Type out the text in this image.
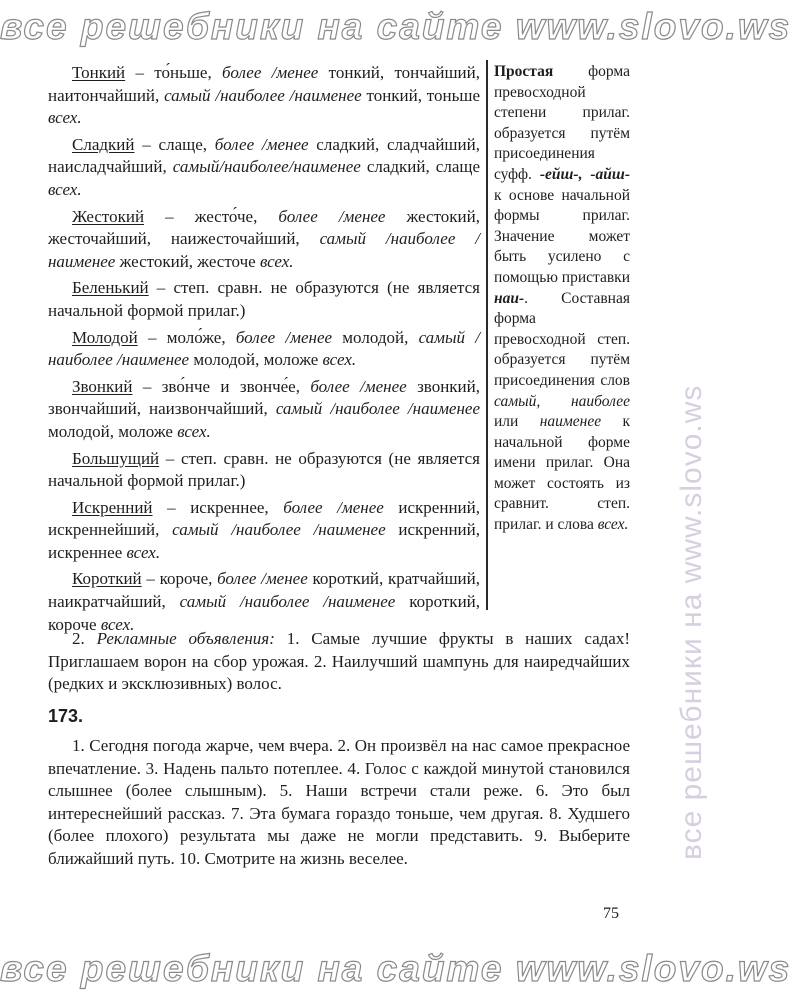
все решебники на сайте www.slovo.ws
все решебники на www.slovo.ws

Тонкий – то́ньше, более /менее тонкий, тончайший, наитончайший, самый /наиболее /наименее тонкий, тоньше всех.

Сладкий – слаще, более /менее сладкий, сладчайший, наисладчайший, самый/наиболее/наименее сладкий, слаще всех.

Жестокий – жесто́че, более /менее жестокий, жесточайший, наижесточайший, самый /наиболее /наименее жестокий, жесточе всех.

Беленький – степ. сравн. не образуются (не является начальной формой прилаг.)

Молодой – моло́же, более /менее молодой, самый /наиболее /наименее молодой, моложе всех.

Звонкий – зво́нче и звонче́е, более /менее звонкий, звончайший, наизвончайший, самый /наиболее /наименее молодой, моложе всех.

Большущий – степ. сравн. не образуются (не является начальной формой прилаг.)

Искренний – искреннее, более /менее искренний, искреннейший, самый /наиболее /наименее искренний, искреннее всех.

Короткий – короче, более /менее короткий, кратчайший, наикратчайший, самый /наиболее /наименее короткий, короче всех.

Простая форма превосходной степени прилаг. образуется путём присоединения суфф. -ейш-, -айш- к основе начальной формы прилаг. Значение может быть усилено с помощью приставки наи-. Составная форма превосходной степ. образуется путём присоединения слов самый, наиболее или наименее к начальной форме имени прилаг. Она может состоять из сравнит. степ. прилаг. и слова всех.

2. Рекламные объявления: 1. Самые лучшие фрукты в наших садах! Приглашаем ворон на сбор урожая. 2. Наилучший шампунь для наиредчайших (редких и эксклюзивных) волос.

173.

1. Сегодня погода жарче, чем вчера. 2. Он произвёл на нас самое прекрасное впечатление. 3. Надень пальто потеплее. 4. Голос с каждой минутой становился слышнее (более слышным). 5. Наши встречи стали реже. 6. Это был интереснейший рассказ. 7. Эта бумага гораздо тоньше, чем другая. 8. Худшего (более плохого) результата мы даже не могли представить. 9. Выберите ближайший путь. 10. Смотрите на жизнь веселее.

75
все решебники на сайте www.slovo.ws
